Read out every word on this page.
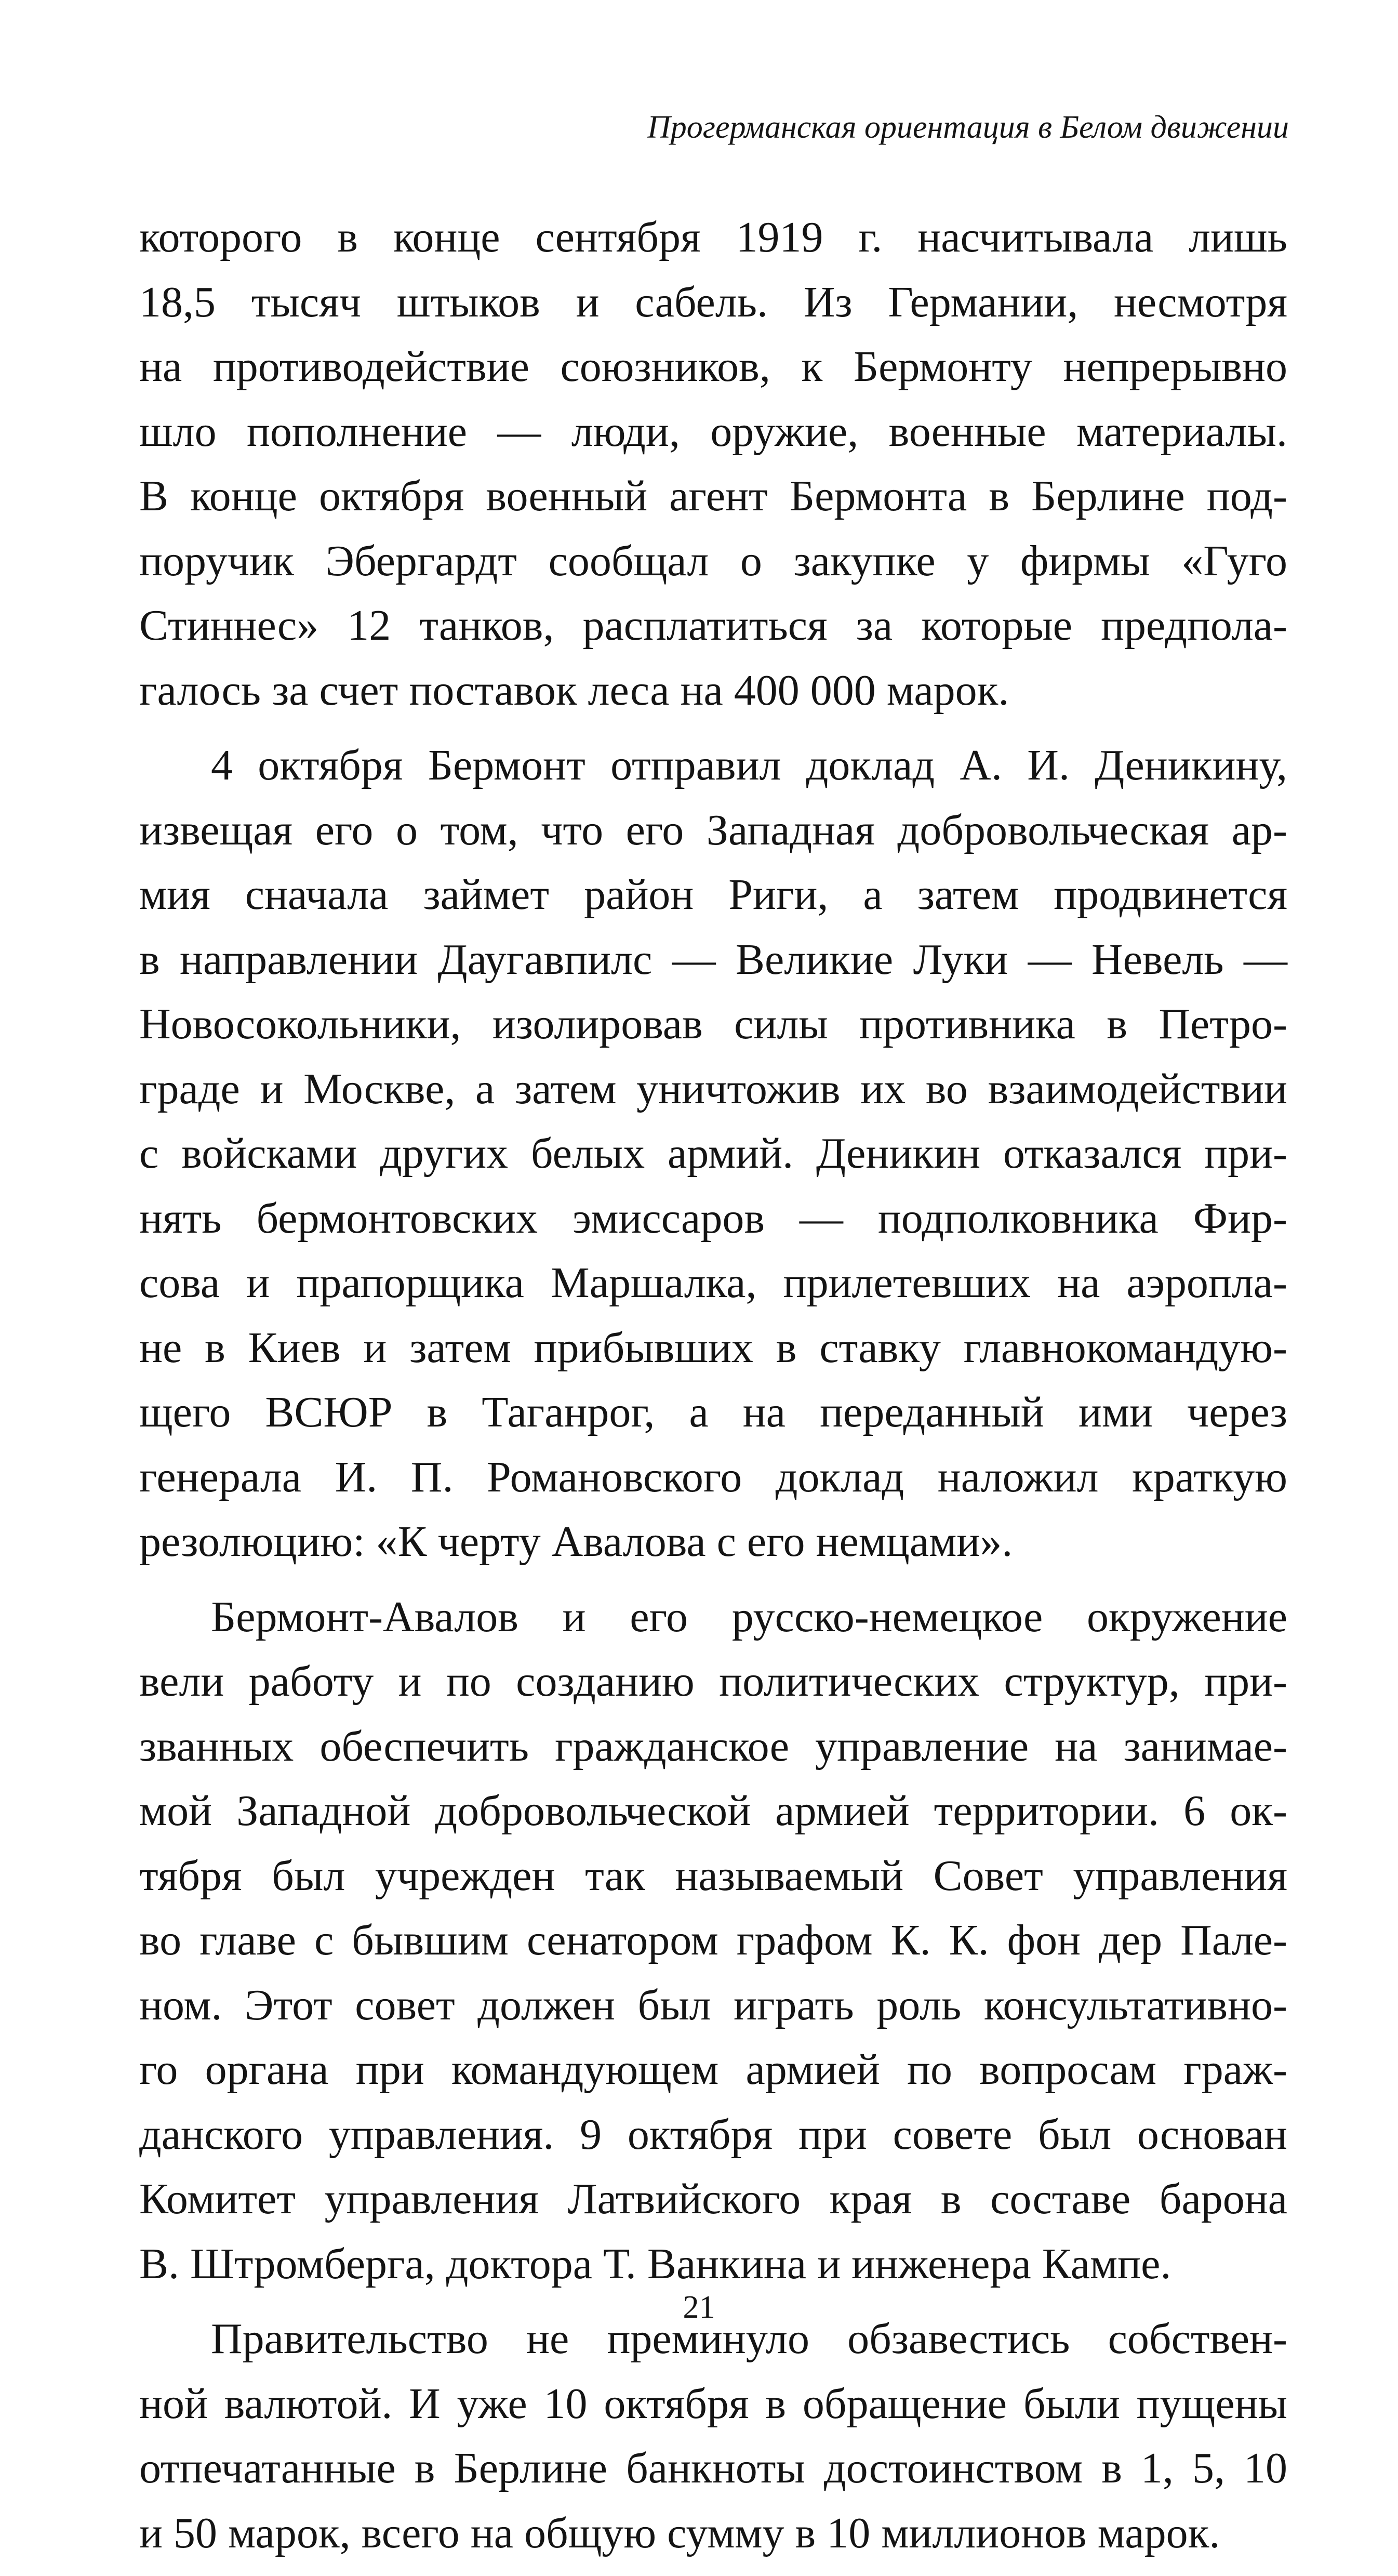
Прогерманская ориентация в Белом движении
которого в конце сентября 1919 г. насчитывала лишь
18,5 тысяч штыков и сабель. Из Германии, несмотря
на противодействие союзников, к Бермонту непрерывно
шло пополнение — люди, оружие, военные материалы.
В конце октября военный агент Бермонта в Берлине под-
поручик Эбергардт сообщал о закупке у фирмы «Гуго
Стиннес» 12 танков, расплатиться за которые предпола-
галось за счет поставок леса на 400 000 марок.
4 октября Бермонт отправил доклад А. И. Деникину,
извещая его о том, что его Западная добровольческая ар-
мия сначала займет район Риги, а затем продвинется
в направлении Даугавпилс — Великие Луки — Невель —
Новосокольники, изолировав силы противника в Петро-
граде и Москве, а затем уничтожив их во взаимодействии
с войсками других белых армий. Деникин отказался при-
нять бермонтовских эмиссаров — подполковника Фир-
сова и прапорщика Маршалка, прилетевших на аэропла-
не в Киев и затем прибывших в ставку главнокомандую-
щего ВСЮР в Таганрог, а на переданный ими через
генерала И. П. Романовского доклад наложил краткую
резолюцию: «К черту Авалова с его немцами».
Бермонт-Авалов и его русско-немецкое окружение
вели работу и по созданию политических структур, при-
званных обеспечить гражданское управление на занимае-
мой Западной добровольческой армией территории. 6 ок-
тября был учрежден так называемый Совет управления
во главе с бывшим сенатором графом К. К. фон дер Пале-
ном. Этот совет должен был играть роль консультативно-
го органа при командующем армией по вопросам граж-
данского управления. 9 октября при совете был основан
Комитет управления Латвийского края в составе барона
В. Штромберга, доктора Т. Ванкина и инженера Кампе.
Правительство не преминуло обзавестись собствен-
ной валютой. И уже 10 октября в обращение были пущены
отпечатанные в Берлине банкноты достоинством в 1, 5, 10
и 50 марок, всего на общую сумму в 10 миллионов марок.
21
